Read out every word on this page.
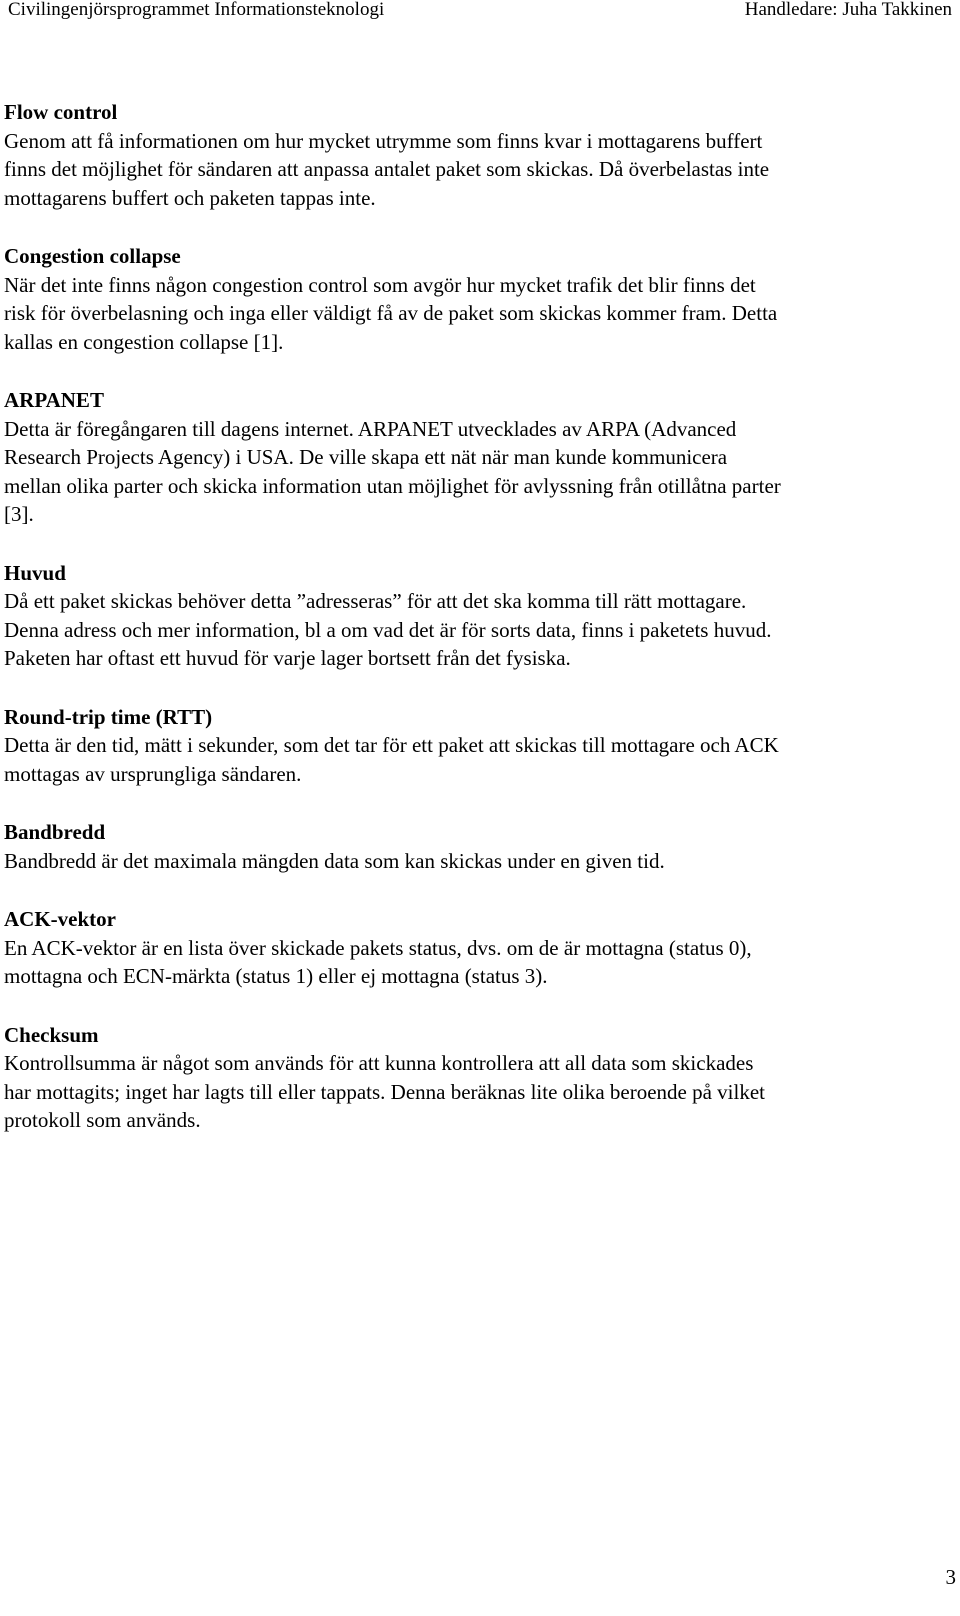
Civilingenjörsprogrammet Informationsteknologi	Handledare: Juha Takkinen

Flow control

Genom att få informationen om hur mycket utrymme som finns kvar i mottagarens buffert finns det möjlighet för sändaren att anpassa antalet paket som skickas. Då överbelastas inte mottagarens buffert och paketen tappas inte.

Congestion collapse

När det inte finns någon congestion control som avgör hur mycket trafik det blir finns det risk för överbelasning och inga eller väldigt få av de paket som skickas kommer fram. Detta kallas en congestion collapse [1].

ARPANET

Detta är föregångaren till dagens internet. ARPANET utvecklades av ARPA (Advanced Research Projects Agency) i USA. De ville skapa ett nät när man kunde kommunicera mellan olika parter och skicka information utan möjlighet för avlyssning från otillåtna parter [3].

Huvud

Då ett paket skickas behöver detta ”adresseras” för att det ska komma till rätt mottagare. Denna adress och mer information, bl a om vad det är för sorts data, finns i paketets huvud. Paketen har oftast ett huvud för varje lager bortsett från det fysiska.

Round-trip time (RTT)

Detta är den tid, mätt i sekunder, som det tar för ett paket att skickas till mottagare och ACK mottagas av ursprungliga sändaren.

Bandbredd

Bandbredd är det maximala mängden data som kan skickas under en given tid.

ACK-vektor

En ACK-vektor är en lista över skickade pakets status, dvs. om de är mottagna (status 0), mottagna och ECN-märkta (status 1) eller ej mottagna (status 3).

Checksum

Kontrollsumma är något som används för att kunna kontrollera att all data som skickades har mottagits; inget har lagts till eller tappats. Denna beräknas lite olika beroende på vilket protokoll som används.

3
